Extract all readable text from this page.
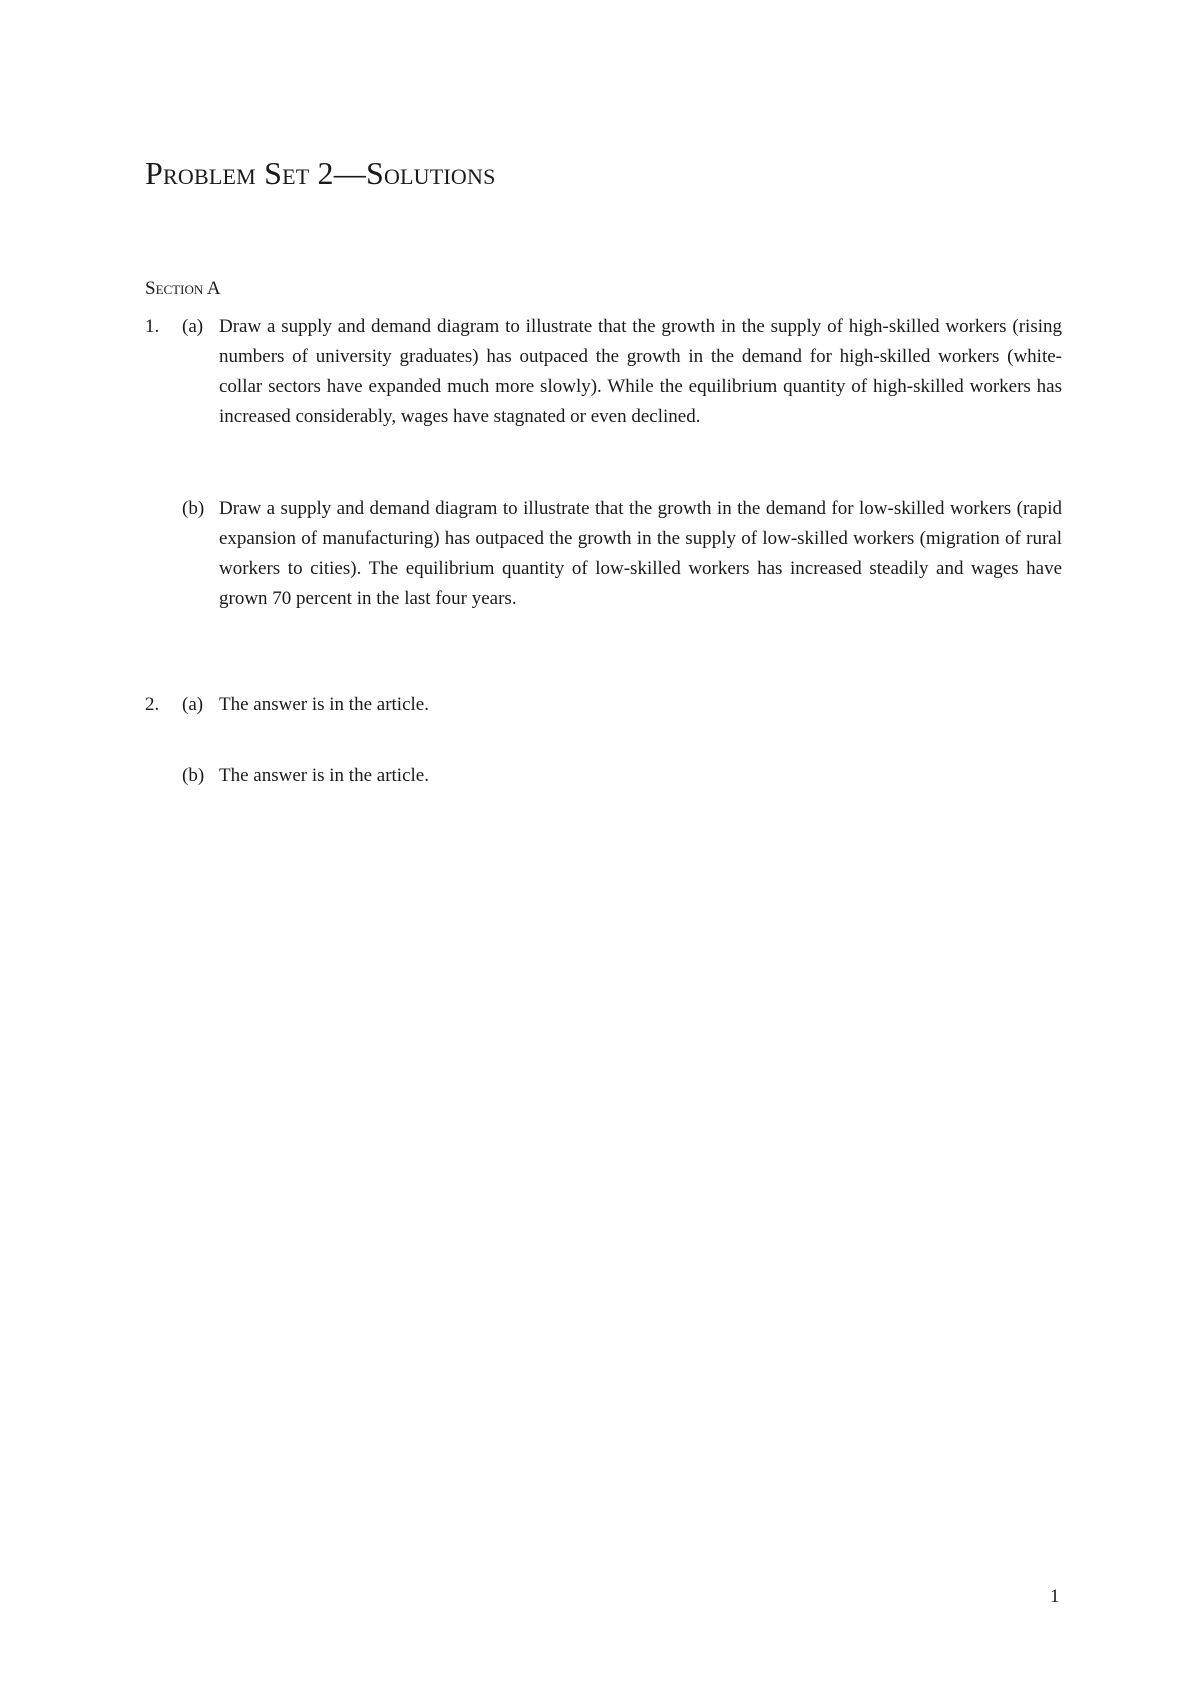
Problem Set 2—Solutions
Section A
1. (a) Draw a supply and demand diagram to illustrate that the growth in the supply of high-skilled workers (rising numbers of university graduates) has outpaced the growth in the demand for high-skilled workers (white-collar sectors have expanded much more slowly). While the equilibrium quantity of high-skilled workers has increased considerably, wages have stagnated or even declined.

(b) Draw a supply and demand diagram to illustrate that the growth in the demand for low-skilled workers (rapid expansion of manufacturing) has outpaced the growth in the supply of low-skilled workers (migration of rural workers to cities). The equilibrium quantity of low-skilled workers has increased steadily and wages have grown 70 percent in the last four years.

2. (a) The answer is in the article.

(b) The answer is in the article.

1
